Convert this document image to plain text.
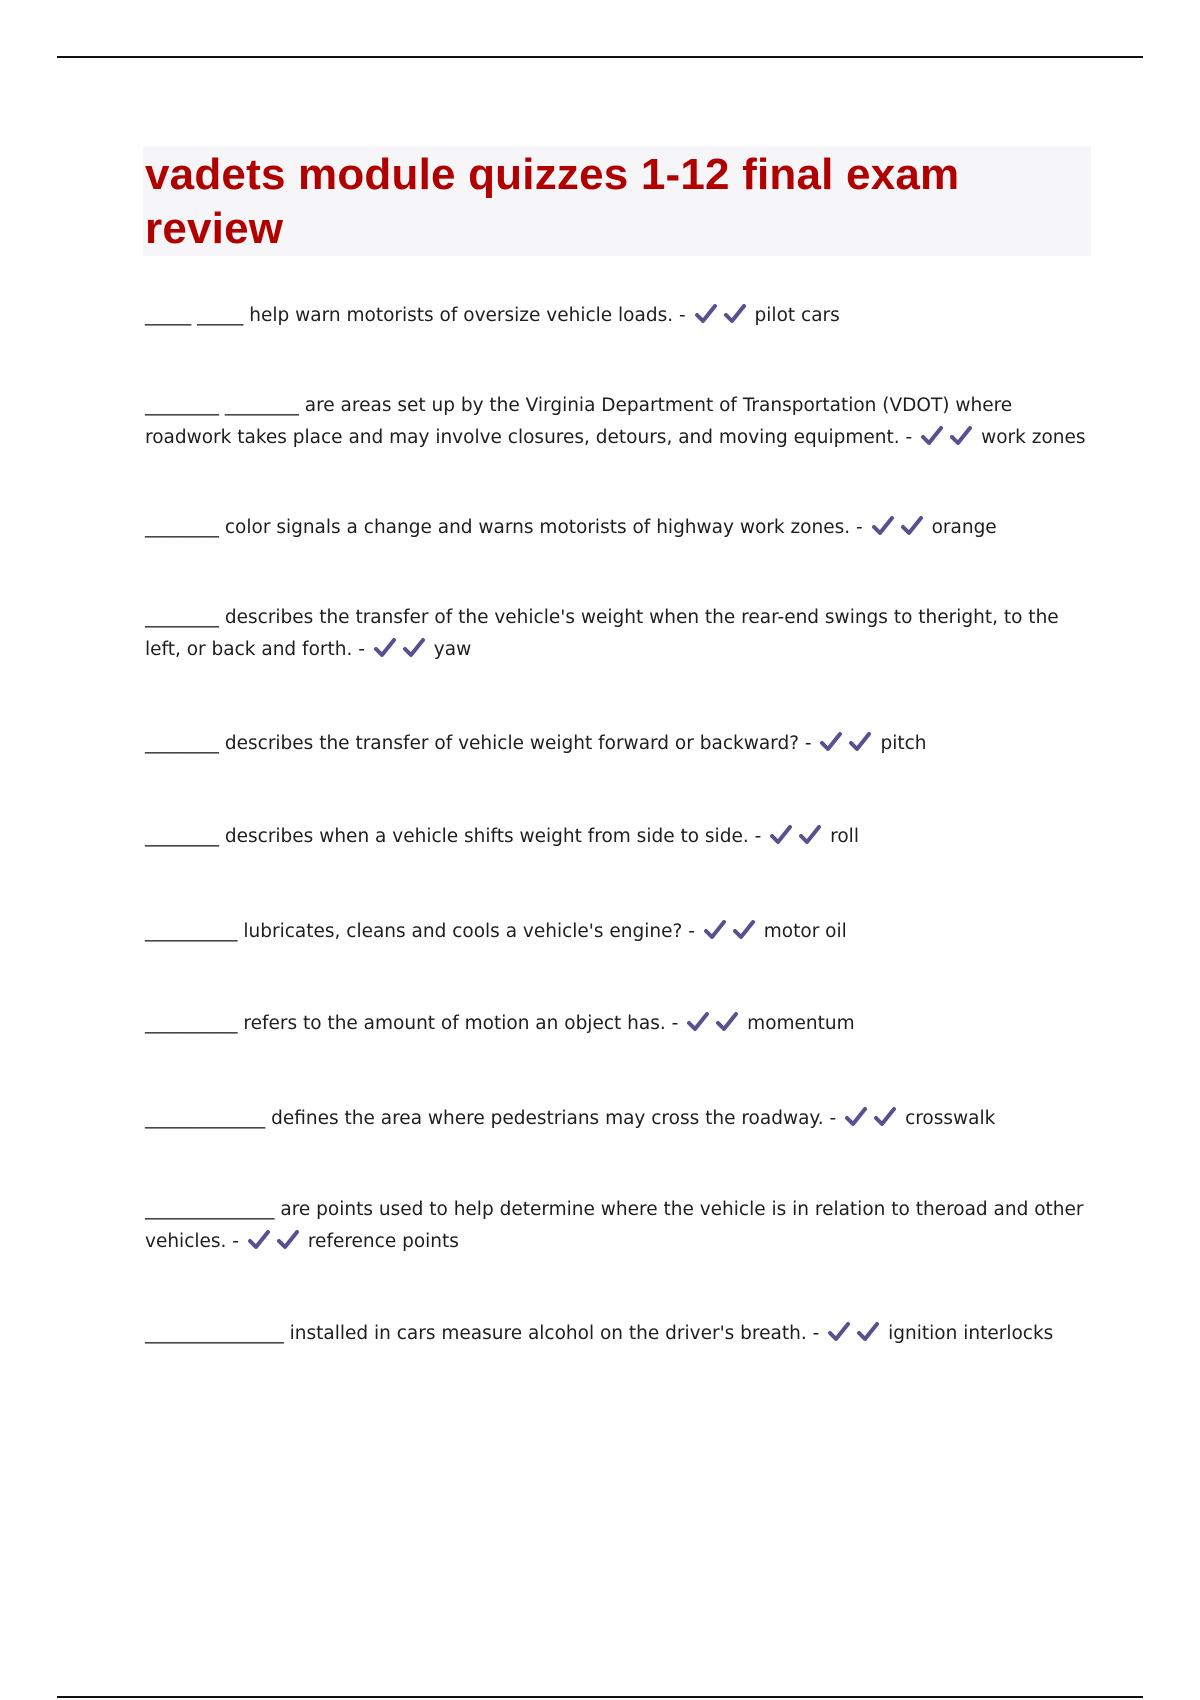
vadets module quizzes 1-12 final exam review
_____ _____ help warn motorists of oversize vehicle loads. -	pilot cars
________ ________ are areas set up by the Virginia Department of Transportation (VDOT) where roadwork takes place and may involve closures, detours, and moving equipment. -	work zones
________ color signals a change and warns motorists of highway work zones. -	orange
________ describes the transfer of the vehicle's weight when the rear-end swings to theright, to the left, or back and forth. -	yaw
________ describes the transfer of vehicle weight forward or backward? -	pitch
________ describes when a vehicle shifts weight from side to side. -	roll
__________ lubricates, cleans and cools a vehicle's engine? -	motor oil
__________ refers to the amount of motion an object has. -	momentum
_____________ defines the area where pedestrians may cross the roadway. -	crosswalk
______________ are points used to help determine where the vehicle is in relation to theroad and other vehicles. -	reference points
_______________ installed in cars measure alcohol on the driver's breath. -	ignition interlocks
